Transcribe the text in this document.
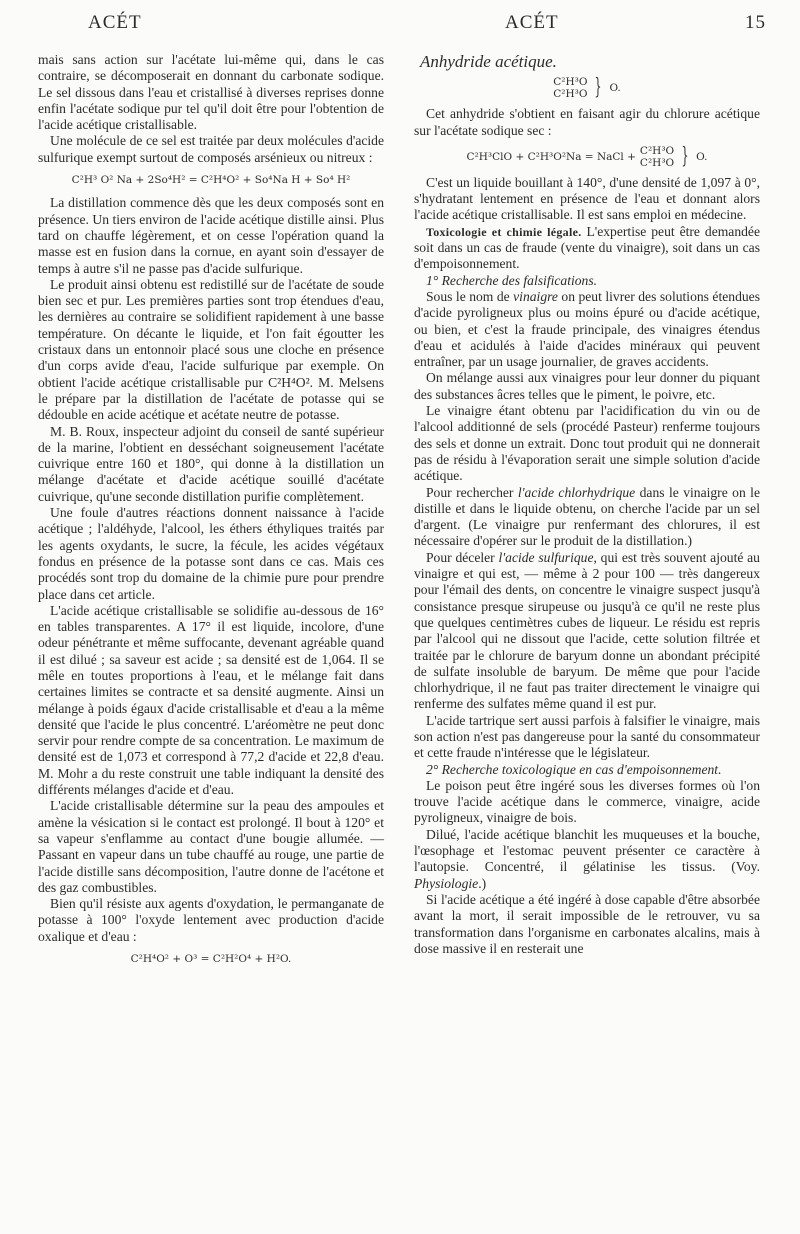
ACÉT	ACÉT	15

mais sans action sur l'acétate lui-même qui, dans le cas contraire, se décomposerait en donnant du carbonate sodique. Le sel dissous dans l'eau et cristallisé à diverses reprises donne enfin l'acétate sodique pur tel qu'il doit être pour l'obtention de l'acide acétique cristallisable.

Une molécule de ce sel est traitée par deux molécules d'acide sulfurique exempt surtout de composés arsénieux ou nitreux :

C²H³ O² Na + 2So⁴H² = C²H⁴O² + So⁴Na H + So⁴ H²

La distillation commence dès que les deux composés sont en présence. Un tiers environ de l'acide acétique distille ainsi. Plus tard on chauffe légèrement, et on cesse l'opération quand la masse est en fusion dans la cornue, en ayant soin d'essayer de temps à autre s'il ne passe pas d'acide sulfurique.

Le produit ainsi obtenu est redistillé sur de l'acétate de soude bien sec et pur. Les premières parties sont trop étendues d'eau, les dernières au contraire se solidifient rapidement à une basse température. On décante le liquide, et l'on fait égoutter les cristaux dans un entonnoir placé sous une cloche en présence d'un corps avide d'eau, l'acide sulfurique par exemple. On obtient l'acide acétique cristallisable pur C²H⁴O². M. Melsens le prépare par la distillation de l'acétate de potasse qui se dédouble en acide acétique et acétate neutre de potasse.

M. B. Roux, inspecteur adjoint du conseil de santé supérieur de la marine, l'obtient en desséchant soigneusement l'acétate cuivrique entre 160 et 180°, qui donne à la distillation un mélange d'acétate et d'acide acétique souillé d'acétate cuivrique, qu'une seconde distillation purifie complètement.

Une foule d'autres réactions donnent naissance à l'acide acétique ; l'aldéhyde, l'alcool, les éthers éthyliques traités par les agents oxydants, le sucre, la fécule, les acides végétaux fondus en présence de la potasse sont dans ce cas. Mais ces procédés sont trop du domaine de la chimie pure pour prendre place dans cet article.

L'acide acétique cristallisable se solidifie au-dessous de 16° en tables transparentes. A 17° il est liquide, incolore, d'une odeur pénétrante et même suffocante, devenant agréable quand il est dilué ; sa saveur est acide ; sa densité est de 1,064. Il se mêle en toutes proportions à l'eau, et le mélange fait dans certaines limites se contracte et sa densité augmente. Ainsi un mélange à poids égaux d'acide cristallisable et d'eau a la même densité que l'acide le plus concentré. L'aréomètre ne peut donc servir pour rendre compte de sa concentration. Le maximum de densité est de 1,073 et correspond à 77,2 d'acide et 22,8 d'eau. M. Mohr a du reste construit une table indiquant la densité des différents mélanges d'acide et d'eau.

L'acide cristallisable détermine sur la peau des ampoules et amène la vésication si le contact est prolongé. Il bout à 120° et sa vapeur s'enflamme au contact d'une bougie allumée. — Passant en vapeur dans un tube chauffé au rouge, une partie de l'acide distille sans décomposition, l'autre donne de l'acétone et des gaz combustibles.

Bien qu'il résiste aux agents d'oxydation, le permanganate de potasse à 100° l'oxyde lentement avec production d'acide oxalique et d'eau :

C²H⁴O² + O³ = C²H²O⁴ + H²O.
Anhydride acétique.
C²H³O
C²H³O } O.

Cet anhydride s'obtient en faisant agir du chlorure acétique sur l'acétate sodique sec :

C²H³ClO + C²H³O²Na = NaCl + C²H³O
C²H³O } O.

C'est un liquide bouillant à 140°, d'une densité de 1,097 à 0°, s'hydratant lentement en présence de l'eau et donnant alors l'acide acétique cristallisable. Il est sans emploi en médecine.

Toxicologie et chimie légale. L'expertise peut être demandée soit dans un cas de fraude (vente du vinaigre), soit dans un cas d'empoisonnement.

1° Recherche des falsifications.

Sous le nom de vinaigre on peut livrer des solutions étendues d'acide pyroligneux plus ou moins épuré ou d'acide acétique, ou bien, et c'est la fraude principale, des vinaigres étendus d'eau et acidulés à l'aide d'acides minéraux qui peuvent entraîner, par un usage journalier, de graves accidents.

On mélange aussi aux vinaigres pour leur donner du piquant des substances âcres telles que le piment, le poivre, etc.

Le vinaigre étant obtenu par l'acidification du vin ou de l'alcool additionné de sels (procédé Pasteur) renferme toujours des sels et donne un extrait. Donc tout produit qui ne donnerait pas de résidu à l'évaporation serait une simple solution d'acide acétique.

Pour rechercher l'acide chlorhydrique dans le vinaigre on le distille et dans le liquide obtenu, on cherche l'acide par un sel d'argent. (Le vinaigre pur renfermant des chlorures, il est nécessaire d'opérer sur le produit de la distillation.)

Pour déceler l'acide sulfurique, qui est très souvent ajouté au vinaigre et qui est, — même à 2 pour 100 — très dangereux pour l'émail des dents, on concentre le vinaigre suspect jusqu'à consistance presque sirupeuse ou jusqu'à ce qu'il ne reste plus que quelques centimètres cubes de liqueur. Le résidu est repris par l'alcool qui ne dissout que l'acide, cette solution filtrée et traitée par le chlorure de baryum donne un abondant précipité de sulfate insoluble de baryum. De même que pour l'acide chlorhydrique, il ne faut pas traiter directement le vinaigre qui renferme des sulfates même quand il est pur.

L'acide tartrique sert aussi parfois à falsifier le vinaigre, mais son action n'est pas dangereuse pour la santé du consommateur et cette fraude n'intéresse que le législateur.

2° Recherche toxicologique en cas d'empoisonnement.

Le poison peut être ingéré sous les diverses formes où l'on trouve l'acide acétique dans le commerce, vinaigre, acide pyroligneux, vinaigre de bois.

Dilué, l'acide acétique blanchit les muqueuses et la bouche, l'œsophage et l'estomac peuvent présenter ce caractère à l'autopsie. Concentré, il gélatinise les tissus. (Voy. Physiologie.)

Si l'acide acétique a été ingéré à dose capable d'être absorbée avant la mort, il serait impossible de le retrouver, vu sa transformation dans l'organisme en carbonates alcalins, mais à dose massive il en resterait une
